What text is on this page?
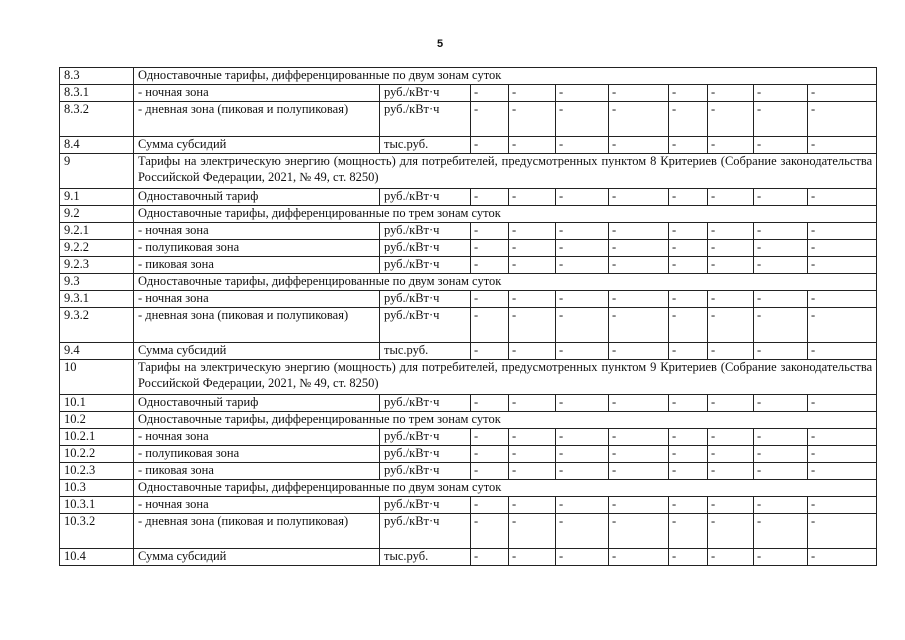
5
8.3	Одноставочные тарифы, дифференцированные по двум зонам суток									
8.3.1	- ночная зона	руб./кВт·ч	-	-	-	-	-	-	-	-
8.3.2	- дневная зона (пиковая и полупиковая)	руб./кВт·ч	-	-	-	-	-	-	-	-
8.4	Сумма субсидий	тыс.руб.	-	-	-	-	-	-	-	-
9	Тарифы на электрическую энергию (мощность) для потребителей, предусмотренных пунктом 8 Критериев (Собрание законодательства Российской Федерации, 2021, № 49, ст. 8250)									
9.1	Одноставочный тариф	руб./кВт·ч	-	-	-	-	-	-	-	-
9.2	Одноставочные тарифы, дифференцированные по трем зонам суток									
9.2.1	- ночная зона	руб./кВт·ч	-	-	-	-	-	-	-	-
9.2.2	- полупиковая зона	руб./кВт·ч	-	-	-	-	-	-	-	-
9.2.3	- пиковая зона	руб./кВт·ч	-	-	-	-	-	-	-	-
9.3	Одноставочные тарифы, дифференцированные по двум зонам суток									
9.3.1	- ночная зона	руб./кВт·ч	-	-	-	-	-	-	-	-
9.3.2	- дневная зона (пиковая и полупиковая)	руб./кВт·ч	-	-	-	-	-	-	-	-
9.4	Сумма субсидий	тыс.руб.	-	-	-	-	-	-	-	-
10	Тарифы на электрическую энергию (мощность) для потребителей, предусмотренных пунктом 9 Критериев (Собрание законодательства Российской Федерации, 2021, № 49, ст. 8250)									
10.1	Одноставочный тариф	руб./кВт·ч	-	-	-	-	-	-	-	-
10.2	Одноставочные тарифы, дифференцированные по трем зонам суток									
10.2.1	- ночная зона	руб./кВт·ч	-	-	-	-	-	-	-	-
10.2.2	- полупиковая зона	руб./кВт·ч	-	-	-	-	-	-	-	-
10.2.3	- пиковая зона	руб./кВт·ч	-	-	-	-	-	-	-	-
10.3	Одноставочные тарифы, дифференцированные по двум зонам суток									
10.3.1	- ночная зона	руб./кВт·ч	-	-	-	-	-	-	-	-
10.3.2	- дневная зона (пиковая и полупиковая)	руб./кВт·ч	-	-	-	-	-	-	-	-
10.4	Сумма субсидий	тыс.руб.	-	-	-	-	-	-	-	-
